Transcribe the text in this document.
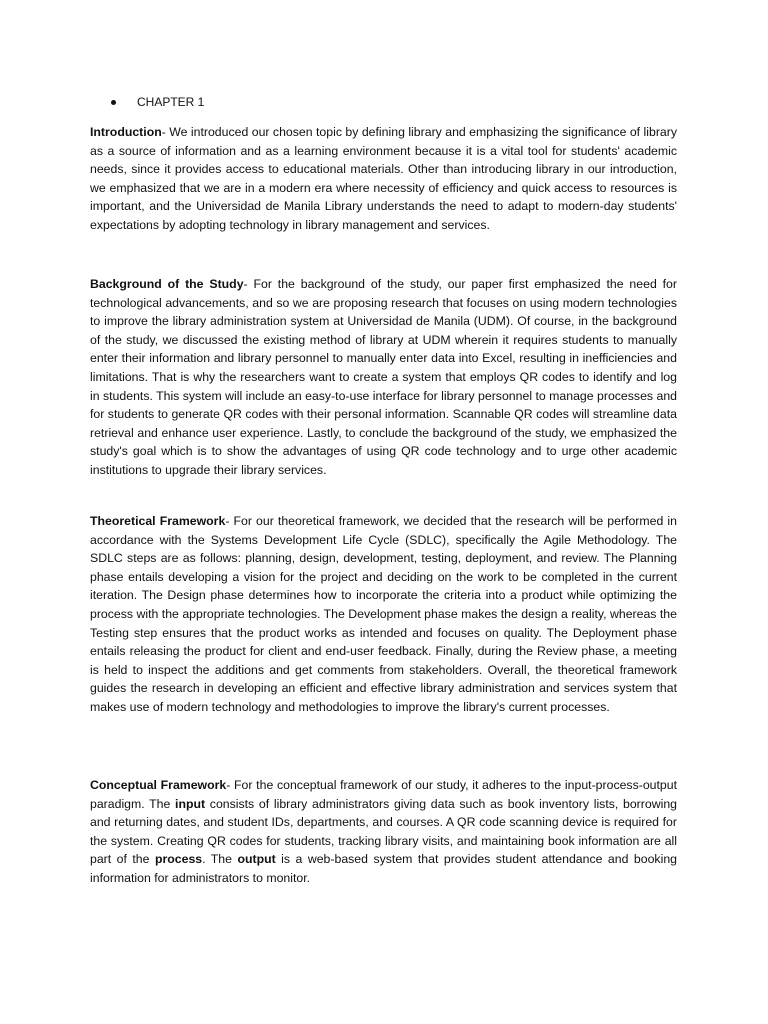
CHAPTER 1

Introduction- We introduced our chosen topic by defining library and emphasizing the significance of library as a source of information and as a learning environment because it is a vital tool for students' academic needs, since it provides access to educational materials. Other than introducing library in our introduction, we emphasized that we are in a modern era where necessity of efficiency and quick access to resources is important, and the Universidad de Manila Library understands the need to adapt to modern-day students' expectations by adopting technology in library management and services.

Background of the Study- For the background of the study, our paper first emphasized the need for technological advancements, and so we are proposing research that focuses on using modern technologies to improve the library administration system at Universidad de Manila (UDM). Of course, in the background of the study, we discussed the existing method of library at UDM wherein it requires students to manually enter their information and library personnel to manually enter data into Excel, resulting in inefficiencies and limitations. That is why the researchers want to create a system that employs QR codes to identify and log in students. This system will include an easy-to-use interface for library personnel to manage processes and for students to generate QR codes with their personal information. Scannable QR codes will streamline data retrieval and enhance user experience. Lastly, to conclude the background of the study, we emphasized the study's goal which is to show the advantages of using QR code technology and to urge other academic institutions to upgrade their library services.

Theoretical Framework- For our theoretical framework, we decided that the research will be performed in accordance with the Systems Development Life Cycle (SDLC), specifically the Agile Methodology. The SDLC steps are as follows: planning, design, development, testing, deployment, and review. The Planning phase entails developing a vision for the project and deciding on the work to be completed in the current iteration. The Design phase determines how to incorporate the criteria into a product while optimizing the process with the appropriate technologies. The Development phase makes the design a reality, whereas the Testing step ensures that the product works as intended and focuses on quality. The Deployment phase entails releasing the product for client and end-user feedback. Finally, during the Review phase, a meeting is held to inspect the additions and get comments from stakeholders. Overall, the theoretical framework guides the research in developing an efficient and effective library administration and services system that makes use of modern technology and methodologies to improve the library's current processes.

Conceptual Framework- For the conceptual framework of our study, it adheres to the input-process-output paradigm. The input consists of library administrators giving data such as book inventory lists, borrowing and returning dates, and student IDs, departments, and courses. A QR code scanning device is required for the system. Creating QR codes for students, tracking library visits, and maintaining book information are all part of the process. The output is a web-based system that provides student attendance and booking information for administrators to monitor.
